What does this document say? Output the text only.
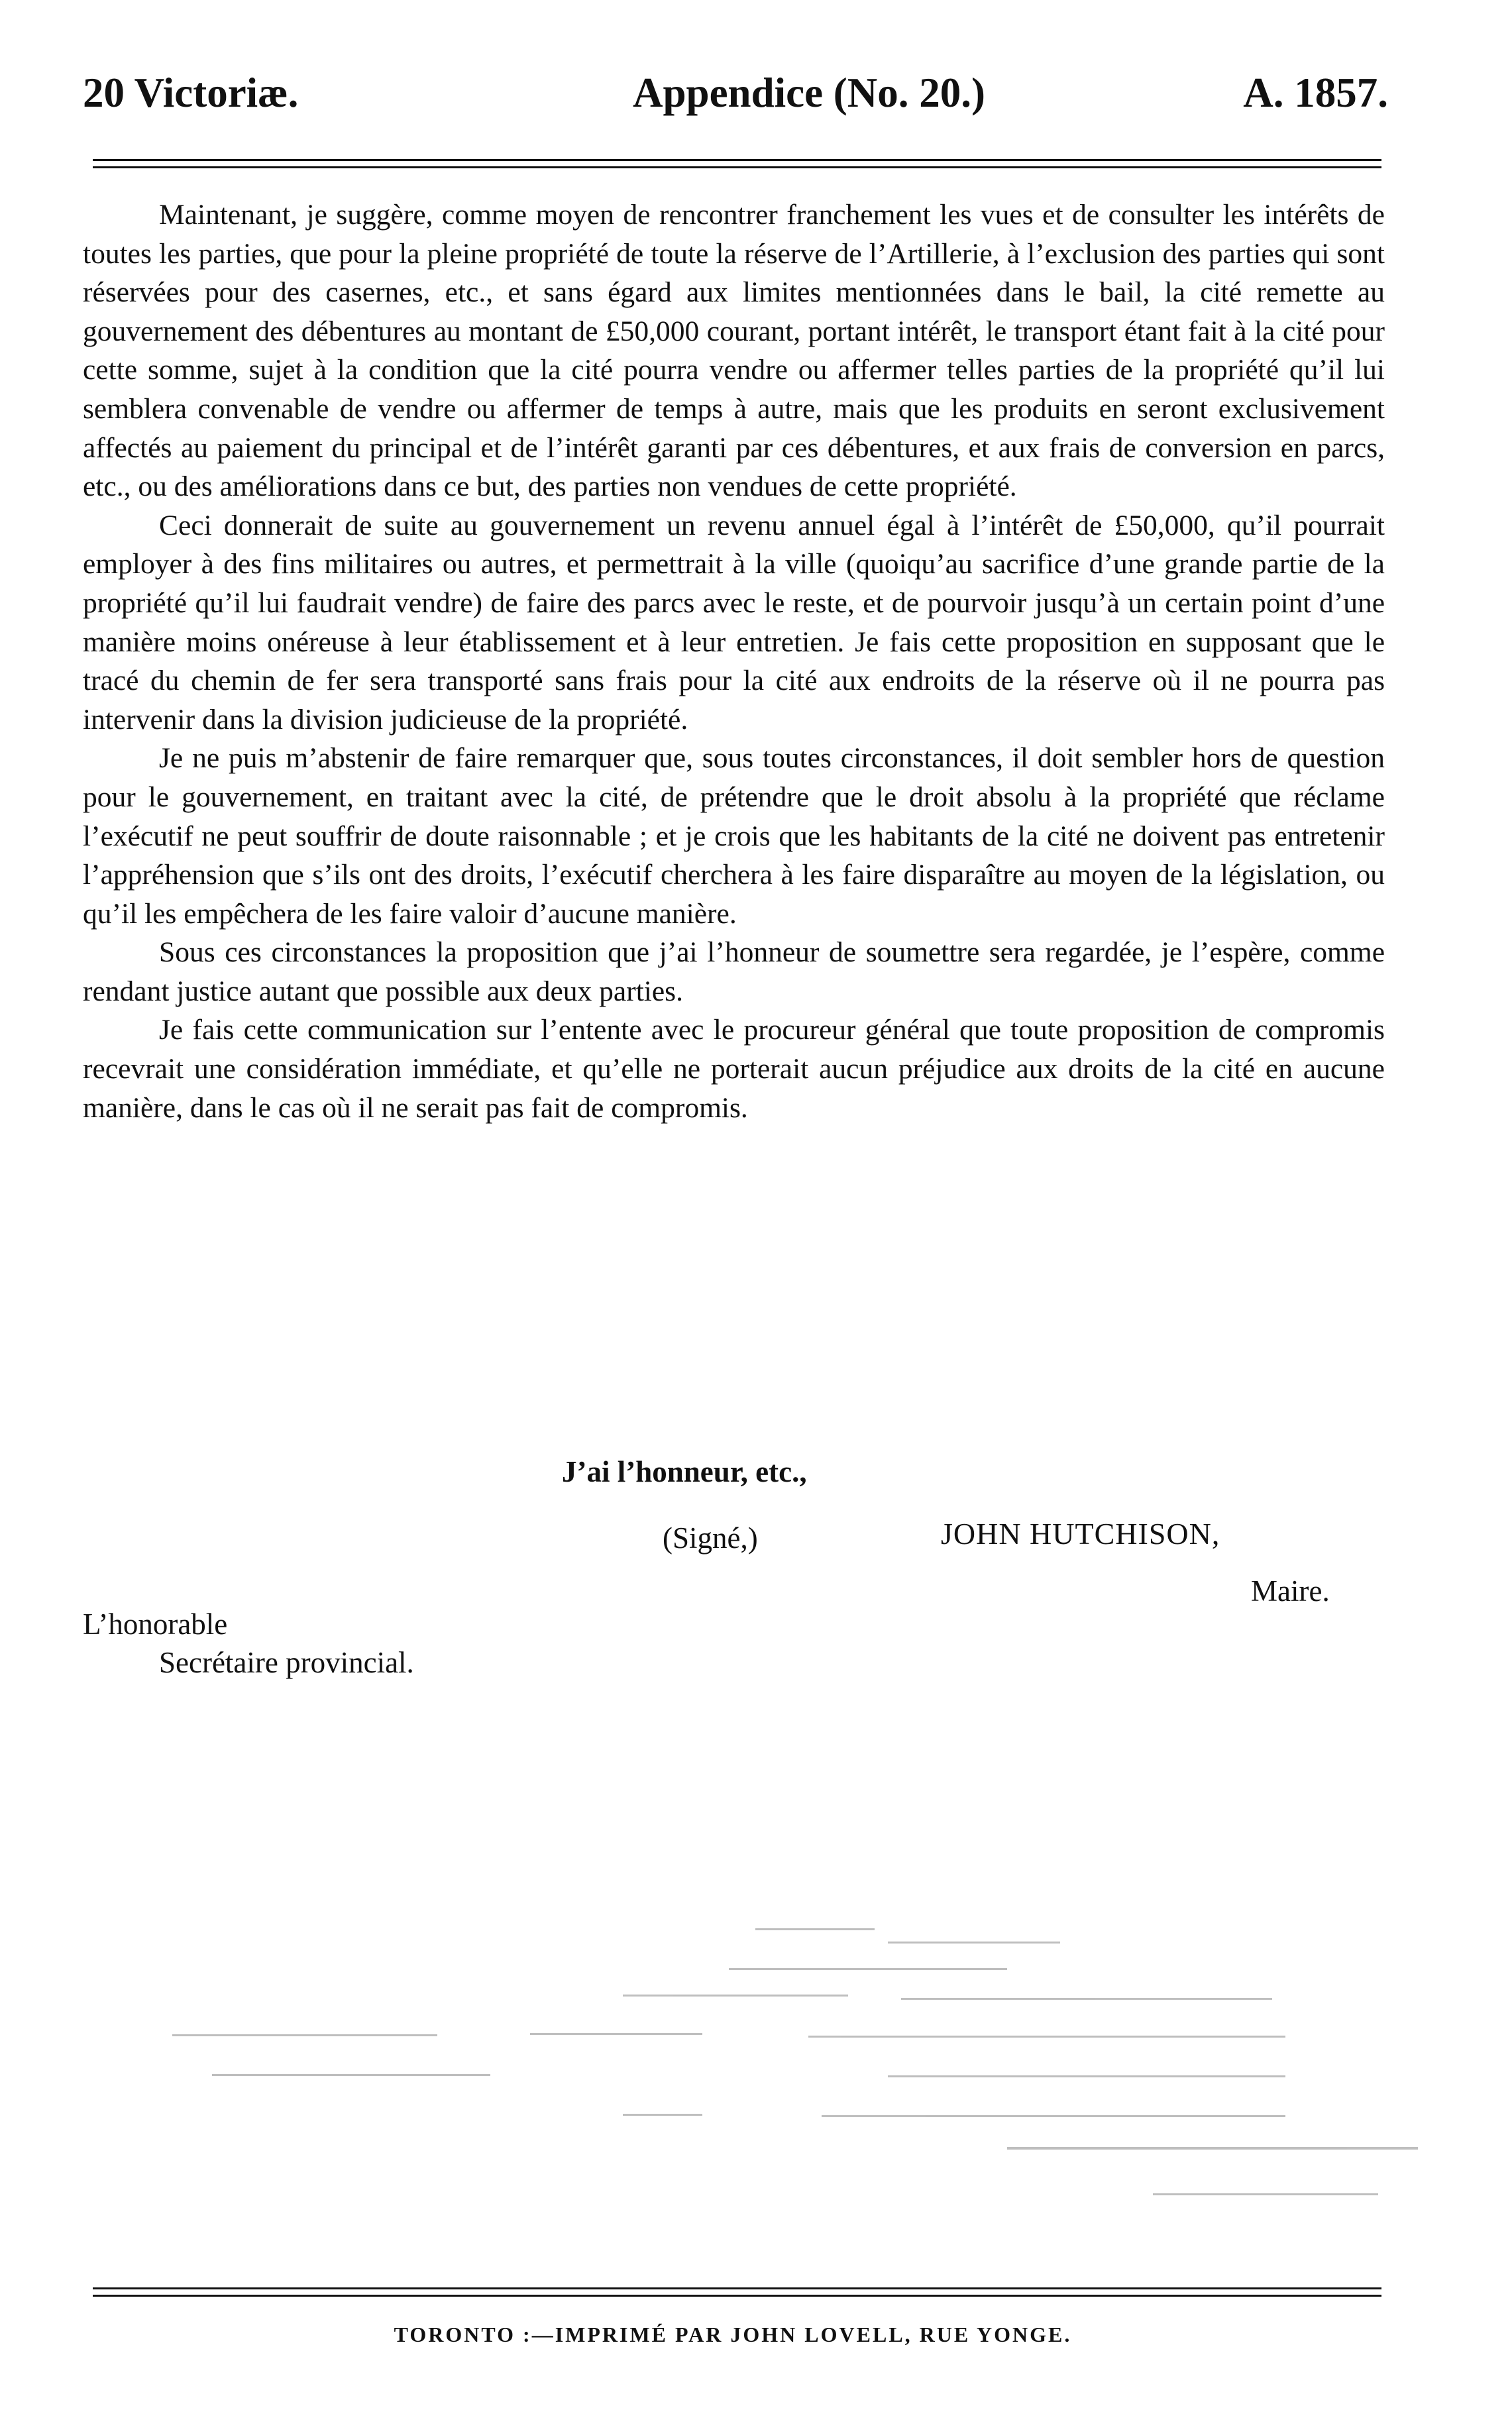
20 Victoriæ.	Appendice (No. 20.)	A. 1857.

Maintenant, je suggère, comme moyen de rencontrer franchement les vues et de consulter les intérêts de toutes les parties, que pour la pleine propriété de toute la réserve de l’Artillerie, à l’exclusion des parties qui sont réservées pour des casernes, etc., et sans égard aux limites mentionnées dans le bail, la cité remette au gouvernement des débentures au montant de £50,000 courant, portant intérêt, le transport étant fait à la cité pour cette somme, sujet à la condition que la cité pourra vendre ou affermer telles parties de la propriété qu’il lui semblera convenable de vendre ou affermer de temps à autre, mais que les produits en seront exclusivement affectés au paiement du principal et de l’intérêt garanti par ces débentures, et aux frais de conversion en parcs, etc., ou des améliorations dans ce but, des parties non vendues de cette propriété.

Ceci donnerait de suite au gouvernement un revenu annuel égal à l’intérêt de £50,000, qu’il pourrait employer à des fins militaires ou autres, et permettrait à la ville (quoiqu’au sacrifice d’une grande partie de la propriété qu’il lui faudrait vendre) de faire des parcs avec le reste, et de pourvoir jusqu’à un certain point d’une manière moins onéreuse à leur établissement et à leur entretien. Je fais cette proposition en supposant que le tracé du chemin de fer sera transporté sans frais pour la cité aux endroits de la réserve où il ne pourra pas intervenir dans la division judicieuse de la propriété.

Je ne puis m’abstenir de faire remarquer que, sous toutes circonstances, il doit sembler hors de question pour le gouvernement, en traitant avec la cité, de prétendre que le droit absolu à la propriété que réclame l’exécutif ne peut souffrir de doute raisonnable ; et je crois que les habitants de la cité ne doivent pas entretenir l’appréhension que s’ils ont des droits, l’exécutif cherchera à les faire disparaître au moyen de la législation, ou qu’il les empêchera de les faire valoir d’aucune manière.

Sous ces circonstances la proposition que j’ai l’honneur de soumettre sera regardée, je l’espère, comme rendant justice autant que possible aux deux parties.

Je fais cette communication sur l’entente avec le procureur général que toute proposition de compromis recevrait une considération immédiate, et qu’elle ne porterait aucun préjudice aux droits de la cité en aucune manière, dans le cas où il ne serait pas fait de compromis.

J’ai l’honneur, etc.,
(Signé,)	JOHN HUTCHISON,
Maire.
L’honorable
Secrétaire provincial.
TORONTO :—IMPRIMÉ PAR JOHN LOVELL, RUE YONGE.
